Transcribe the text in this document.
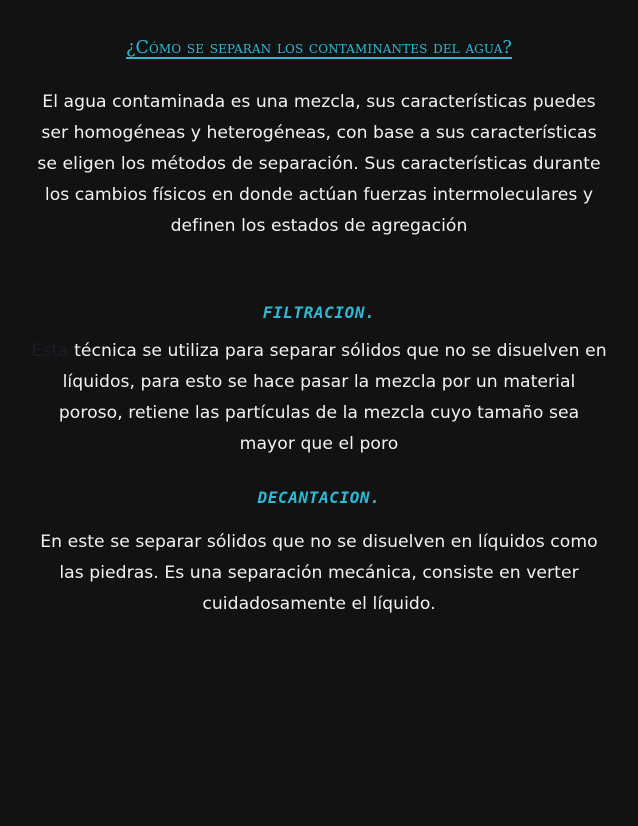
¿Cómo se separan los contaminantes del agua?
El agua contaminada es una mezcla, sus características puedes ser homogéneas y heterogéneas, con base a sus características se eligen los métodos de separación. Sus características durante los cambios físicos en donde actúan fuerzas intermoleculares y definen los estados de agregación
FILTRACION.
Esta técnica se utiliza para separar sólidos que no se disuelven en líquidos, para esto se hace pasar la mezcla por un material poroso, retiene las partículas de la mezcla cuyo tamaño sea mayor que el poro
DECANTACION.
En este se separar sólidos que no se disuelven en líquidos como las piedras. Es una separación mecánica, consiste en verter cuidadosamente el líquido.
